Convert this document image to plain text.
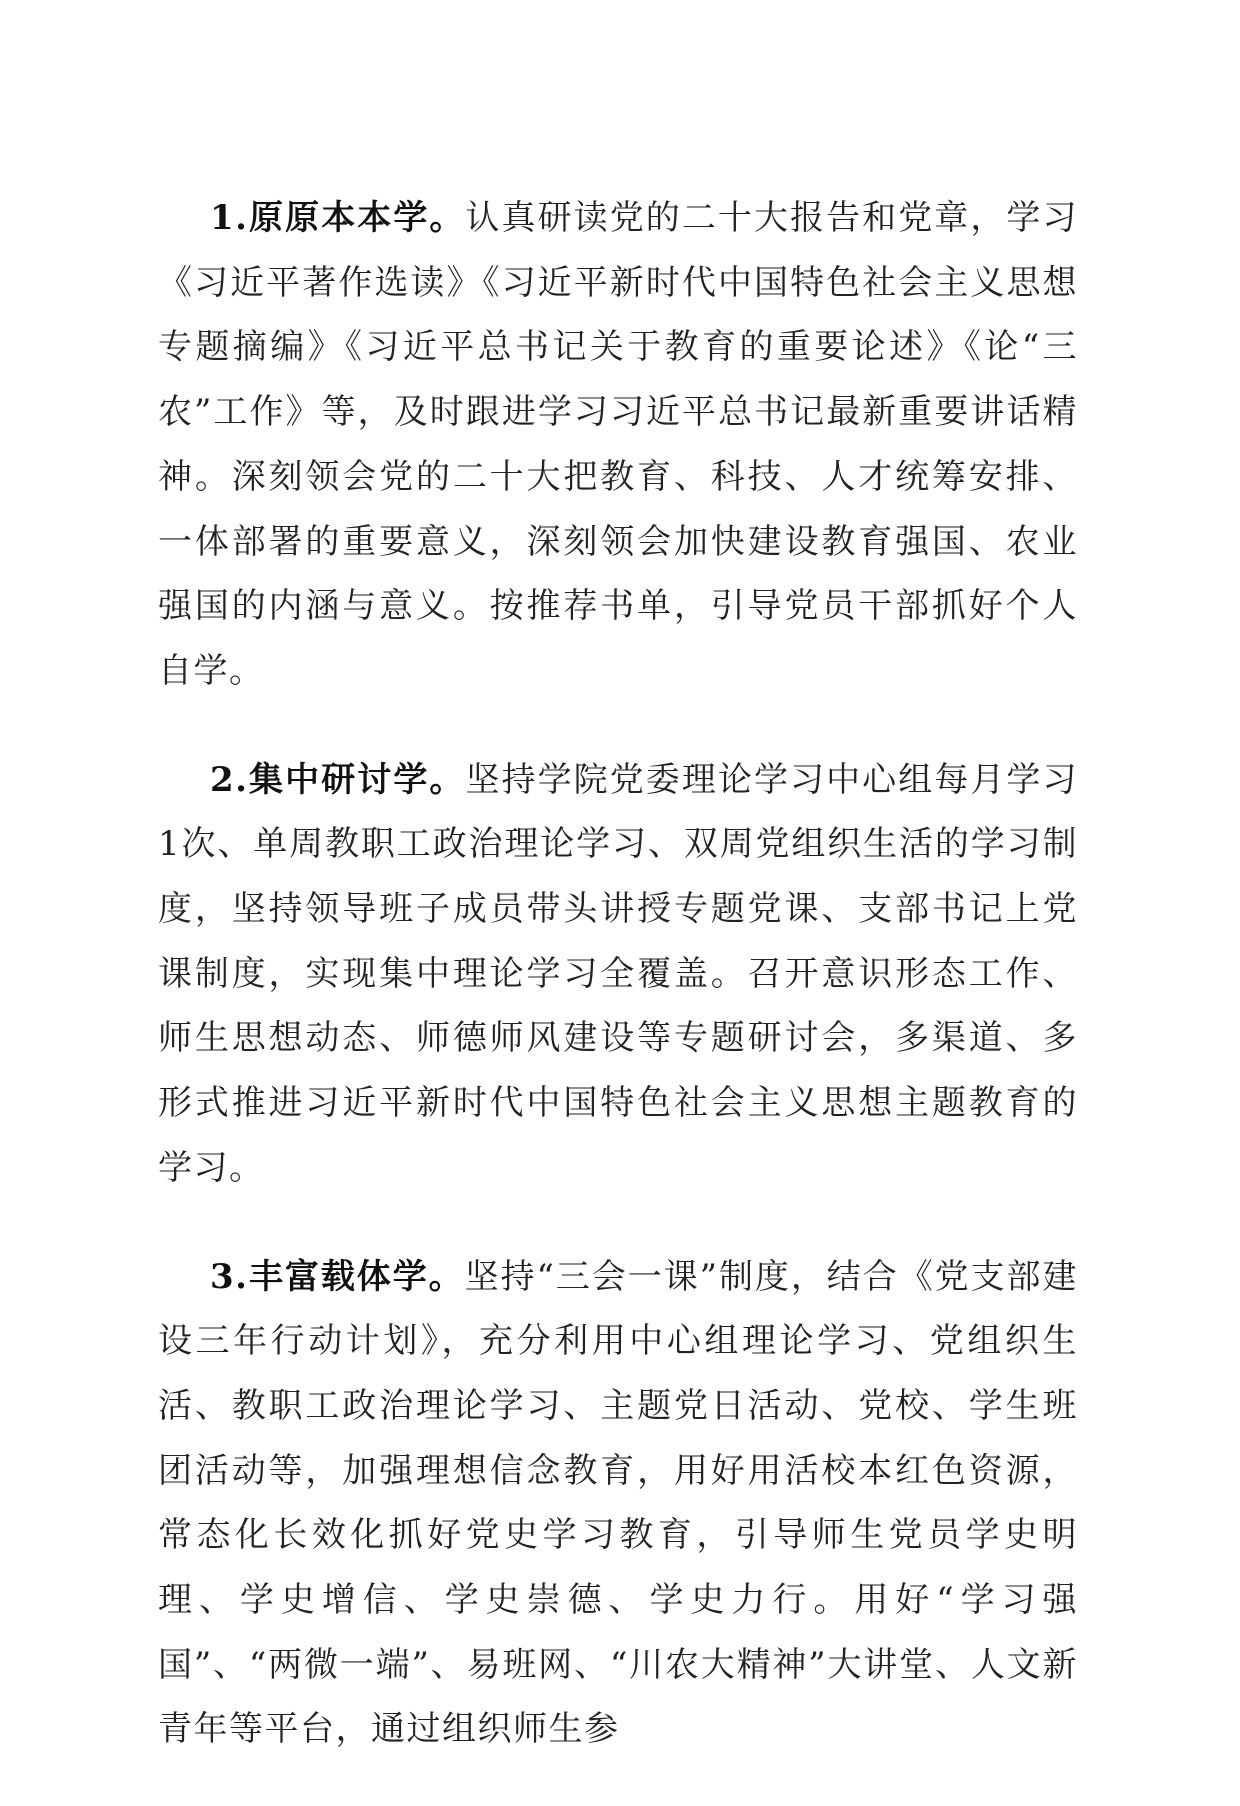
1.原原本本学。认真研读党的二十大报告和党章，学习《习近平著作选读》《习近平新时代中国特色社会主义思想专题摘编》《习近平总书记关于教育的重要论述》《论“三农”工作》等，及时跟进学习习近平总书记最新重要讲话精神。深刻领会党的二十大把教育、科技、人才统筹安排、一体部署的重要意义，深刻领会加快建设教育强国、农业强国的内涵与意义。按推荐书单，引导党员干部抓好个人自学。

2.集中研讨学。坚持学院党委理论学习中心组每月学习1次、单周教职工政治理论学习、双周党组织生活的学习制度，坚持领导班子成员带头讲授专题党课、支部书记上党课制度，实现集中理论学习全覆盖。召开意识形态工作、师生思想动态、师德师风建设等专题研讨会，多渠道、多形式推进习近平新时代中国特色社会主义思想主题教育的学习。

3.丰富载体学。坚持“三会一课”制度，结合《党支部建设三年行动计划》，充分利用中心组理论学习、党组织生活、教职工政治理论学习、主题党日活动、党校、学生班团活动等，加强理想信念教育，用好用活校本红色资源，常态化长效化抓好党史学习教育，引导师生党员学史明理、学史增信、学史崇德、学史力行。用好“学习强国”、“两微一端”、易班网、“川农大精神”大讲堂、人文新青年等平台，通过组织师生参
